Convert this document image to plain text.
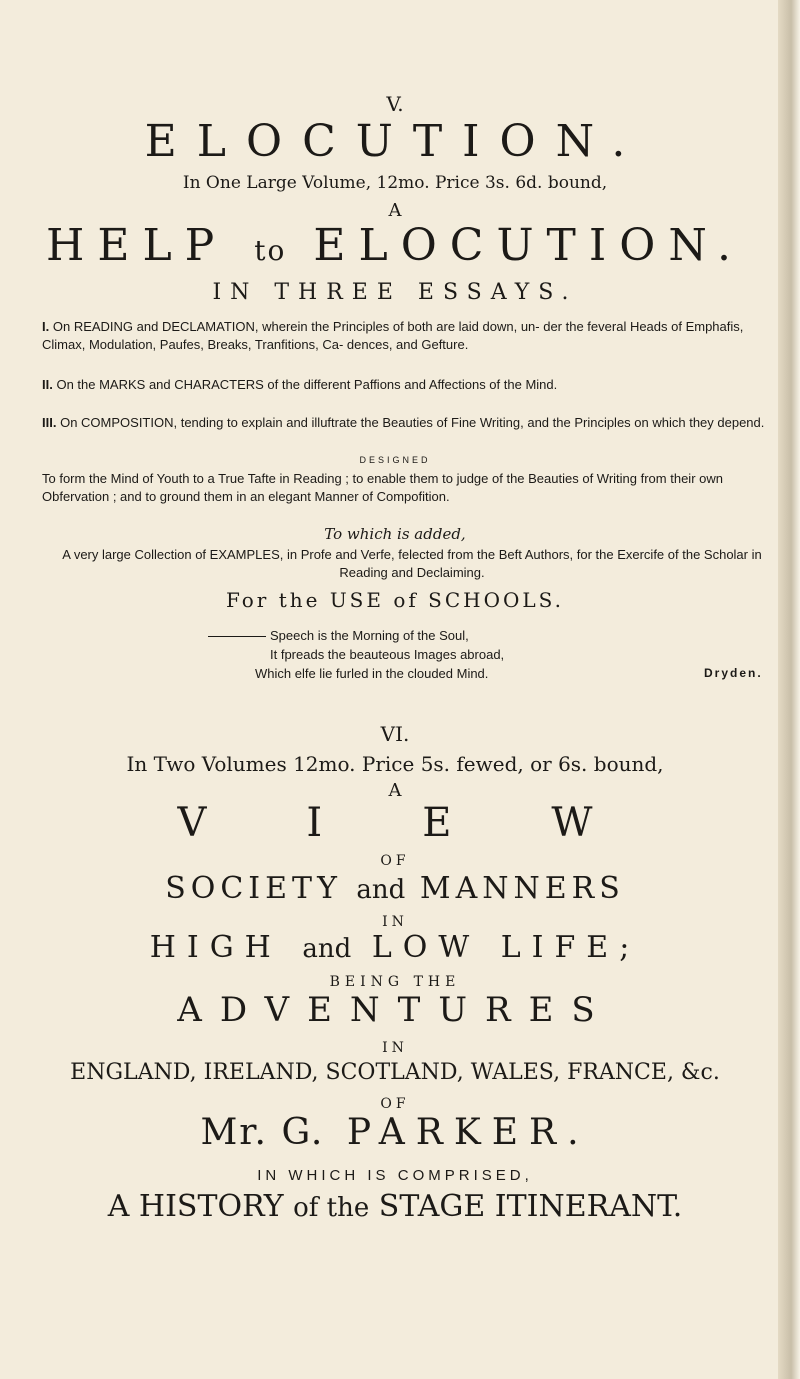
V.
ELOCUTION.
In One Large Volume, 12mo. Price 3s. 6d. bound,
A
HELP to ELOCUTION.
IN THREE ESSAYS.
I. On READING and DECLAMATION, wherein the Principles of both are laid down, un- der the feveral Heads of Emphafis, Climax, Modulation, Paufes, Breaks, Tranfitions, Ca- dences, and Gefture.
II. On the MARKS and CHARACTERS of the different Paffions and Affections of the Mind.
III. On COMPOSITION, tending to explain and illuftrate the Beauties of Fine Writing, and the Principles on which they depend.
DESIGNED
To form the Mind of Youth to a True Tafte in Reading ; to enable them to judge of the Beauties of Writing from their own Obfervation ; and to ground them in an elegant Manner of Compofition.
To which is added,
A very large Collection of EXAMPLES, in Profe and Verfe, felected from the Beft Authors, for the Exercife of the Scholar in Reading and Declaiming.
For the USE of SCHOOLS.
Speech is the Morning of the Soul,
It fpreads the beauteous Images abroad,
Which elfe lie furled in the clouded Mind.	Dryden.
VI.
In Two Volumes 12mo. Price 5s. fewed, or 6s. bound,
A
VIEW
OF
SOCIETY and MANNERS
IN
HIGH and LOW LIFE;
BEING THE
ADVENTURES
IN
ENGLAND, IRELAND, SCOTLAND, WALES, FRANCE, &c.
OF
Mr. G. PARKER.
IN WHICH IS COMPRISED,
A HISTORY of the STAGE ITINERANT.
